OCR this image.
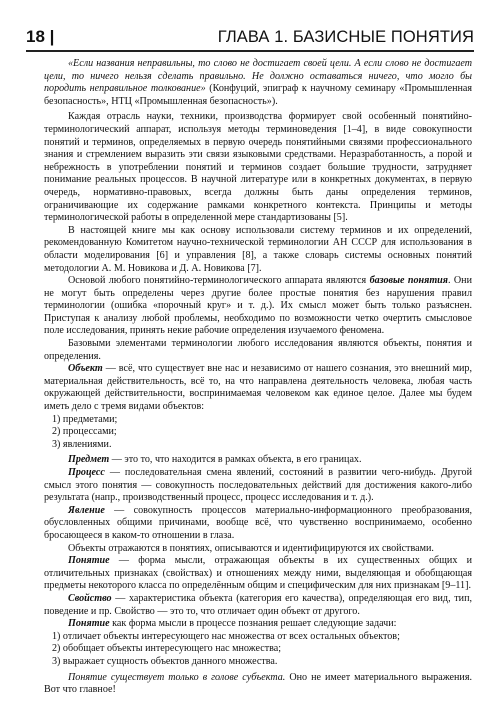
18 |	ГЛАВА 1. БАЗИСНЫЕ ПОНЯТИЯ

«Если названия неправильны, то слово не достигает своей цели. А если слово не достигает цели, то ничего нельзя сделать правильно. Не должно оставаться ничего, что могло бы породить неправильное толкование» (Конфуций, эпиграф к научному семинару «Промышленная безопасность», НТЦ «Промышленная безопасность»).

Каждая отрасль науки, техники, производства формирует свой особенный понятийно-терминологический аппарат, используя методы терминоведения [1–4], в виде совокупности понятий и терминов, определяемых в первую очередь понятийными связями профессионального знания и стремлением выразить эти связи языковыми средствами. Неразработанность, а порой и небрежность в употреблении понятий и терминов создает большие трудности, затрудняет понимание реальных процессов. В научной литературе или в конкретных документах, в первую очередь, нормативно-правовых, всегда должны быть даны определения терминов, ограничивающие их содержание рамками конкретного контекста. Принципы и методы терминологической работы в определенной мере стандартизованы [5].

В настоящей книге мы как основу использовали систему терминов и их определений, рекомендованную Комитетом научно-технической терминологии АН СССР для использования в области моделирования [6] и управления [8], а также словарь системы основных понятий методологии А. М. Новикова и Д. А. Новикова [7].

Основой любого понятийно-терминологического аппарата являются базовые понятия. Они не могут быть определены через другие более простые понятия без нарушения правил терминологии (ошибка «порочный круг» и т. д.). Их смысл может быть только разъяснен. Приступая к анализу любой проблемы, необходимо по возможности четко очертить смысловое поле исследования, принять некие рабочие определения изучаемого феномена.

Базовыми элементами терминологии любого исследования являются объекты, понятия и определения.

Объект — всё, что существует вне нас и независимо от нашего сознания, это внешний мир, материальная действительность, всё то, на что направлена деятельность человека, любая часть окружающей действительности, воспринимаемая человеком как единое целое. Далее мы будем иметь дело с тремя видами объектов:

1) предметами;

2) процессами;

3) явлениями.

Предмет — это то, что находится в рамках объекта, в его границах.

Процесс — последовательная смена явлений, состояний в развитии чего-нибудь. Другой смысл этого понятия — совокупность последовательных действий для достижения какого-либо результата (напр., производственный процесс, процесс исследования и т. д.).

Явление — совокупность процессов материально-информационного преобразования, обусловленных общими причинами, вообще всё, что чувственно воспринимаемо, особенно бросающееся в каком-то отношении в глаза.

Объекты отражаются в понятиях, описываются и идентифицируются их свойствами.

Понятие — форма мысли, отражающая объекты в их существенных общих и отличительных признаках (свойствах) и отношениях между ними, выделяющая и обобщающая предметы некоторого класса по определённым общим и специфическим для них признакам [9–11].

Свойство — характеристика объекта (категория его качества), определяющая его вид, тип, поведение и пр. Свойство — это то, что отличает один объект от другого.

Понятие как форма мысли в процессе познания решает следующие задачи:

1) отличает объекты интересующего нас множества от всех остальных объектов;

2) обобщает объекты интересующего нас множества;

3) выражает сущность объектов данного множества.

Понятие существует только в голове субъекта. Оно не имеет материального выражения. Вот что главное!
